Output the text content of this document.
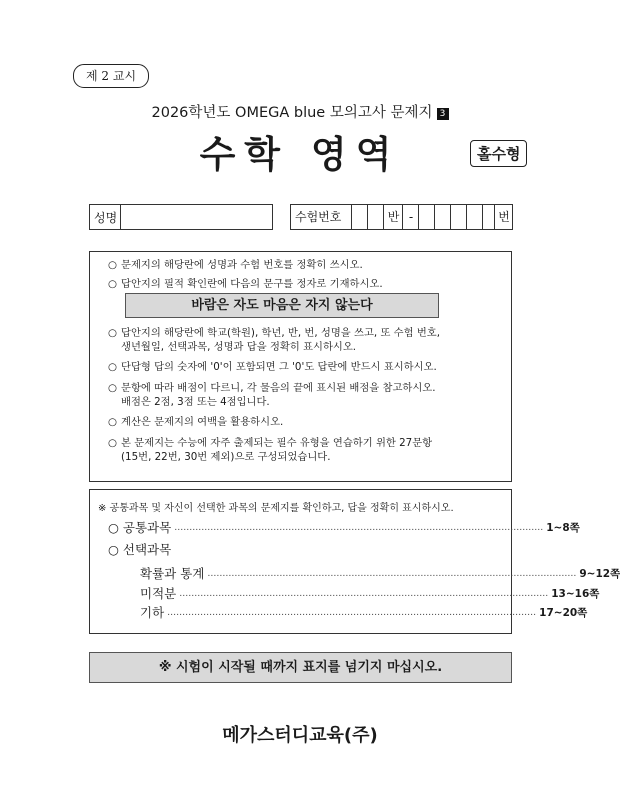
제 2 교시
2026학년도 OMEGA blue 모의고사 문제지 3
수학 영역	홀수형
성명	수험번호	반 -	번
○ 문제지의 해당란에 성명과 수험 번호를 정확히 쓰시오.
○ 답안지의 필적 확인란에 다음의 문구를 정자로 기재하시오.
바람은 자도 마음은 자지 않는다
○ 답안지의 해당란에 학교(학원), 학년, 반, 번, 성명을 쓰고, 또 수험 번호,
생년월일, 선택과목, 성명과 답을 정확히 표시하시오.
○ 단답형 답의 숫자에 '0'이 포함되면 그 '0'도 답란에 반드시 표시하시오.
○ 문항에 따라 배점이 다르니, 각 물음의 끝에 표시된 배점을 참고하시오.
배점은 2점, 3점 또는 4점입니다.
○ 계산은 문제지의 여백을 활용하시오.
○ 본 문제지는 수능에 자주 출제되는 필수 유형을 연습하기 위한 27문항
(15번, 22번, 30번 제외)으로 구성되었습니다.
※ 공통과목 및 자신이 선택한 과목의 문제지를 확인하고, 답을 정확히 표시하시오.
○ 공통과목 …………………………………………………………………………………………………………… 1~8쪽
○ 선택과목
확률과 통계 …………………………………………………………………………………………………………… 9~12쪽
미적분 …………………………………………………………………………………………………………… 13~16쪽
기하 …………………………………………………………………………………………………………… 17~20쪽
※ 시험이 시작될 때까지 표지를 넘기지 마십시오.
메가스터디교육(주)
